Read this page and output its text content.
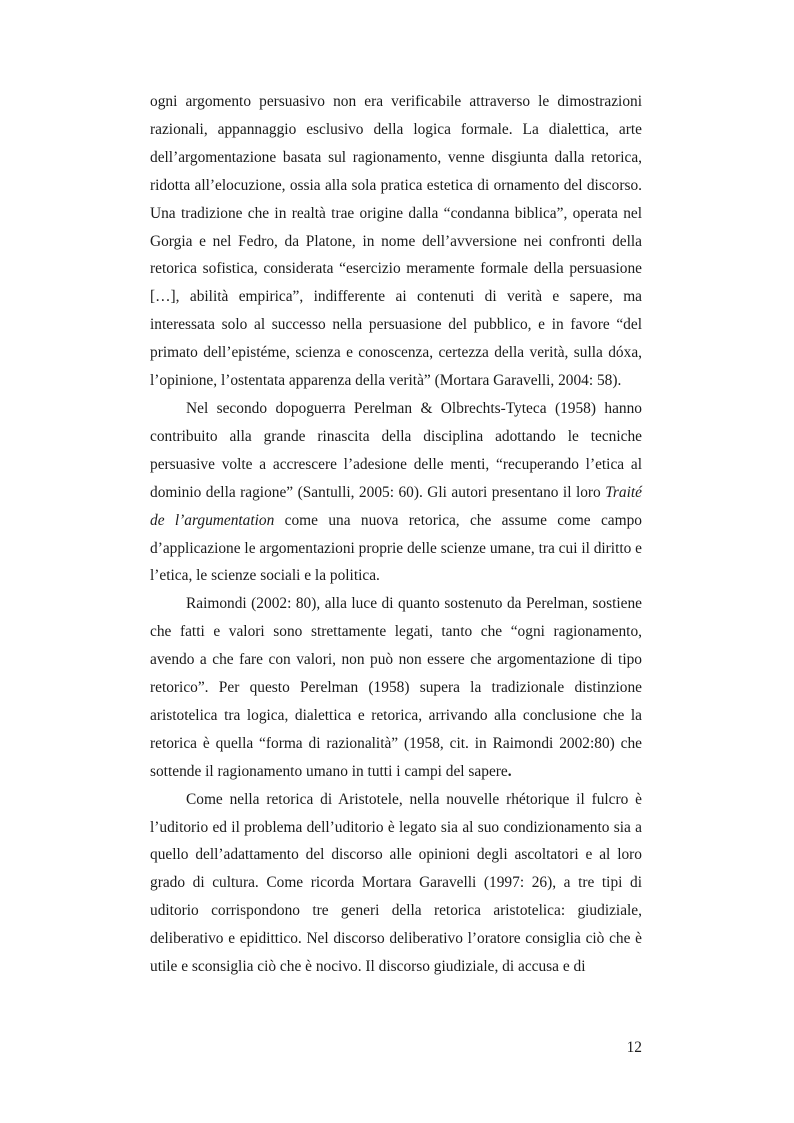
ogni argomento persuasivo non era verificabile attraverso le dimostrazioni razionali, appannaggio esclusivo della logica formale. La dialettica, arte dell’argomentazione basata sul ragionamento, venne disgiunta dalla retorica, ridotta all’elocuzione, ossia alla sola pratica estetica di ornamento del discorso. Una tradizione che in realtà trae origine dalla “condanna biblica”, operata nel Gorgia e nel Fedro, da Platone, in nome dell’avversione nei confronti della retorica sofistica, considerata “esercizio meramente formale della persuasione […], abilità empirica”, indifferente ai contenuti di verità e sapere, ma interessata solo al successo nella persuasione del pubblico, e in favore “del primato dell’epistéme, scienza e conoscenza, certezza della verità, sulla dóxa, l’opinione, l’ostentata apparenza della verità” (Mortara Garavelli, 2004: 58).

Nel secondo dopoguerra Perelman & Olbrechts-Tyteca (1958) hanno contribuito alla grande rinascita della disciplina adottando le tecniche persuasive volte a accrescere l’adesione delle menti, “recuperando l’etica al dominio della ragione” (Santulli, 2005: 60). Gli autori presentano il loro Traité de l’argumentation come una nuova retorica, che assume come campo d’applicazione le argomentazioni proprie delle scienze umane, tra cui il diritto e l’etica, le scienze sociali e la politica.

Raimondi (2002: 80), alla luce di quanto sostenuto da Perelman, sostiene che fatti e valori sono strettamente legati, tanto che “ogni ragionamento, avendo a che fare con valori, non può non essere che argomentazione di tipo retorico”. Per questo Perelman (1958) supera la tradizionale distinzione aristotelica tra logica, dialettica e retorica, arrivando alla conclusione che la retorica è quella “forma di razionalità” (1958, cit. in Raimondi 2002:80) che sottende il ragionamento umano in tutti i campi del sapere.

Come nella retorica di Aristotele, nella nouvelle rhétorique il fulcro è l’uditorio ed il problema dell’uditorio è legato sia al suo condizionamento sia a quello dell’adattamento del discorso alle opinioni degli ascoltatori e al loro grado di cultura. Come ricorda Mortara Garavelli (1997: 26), a tre tipi di uditorio corrispondono tre generi della retorica aristotelica: giudiziale, deliberativo e epidittico. Nel discorso deliberativo l’oratore consiglia ciò che è utile e sconsiglia ciò che è nocivo. Il discorso giudiziale, di accusa e di

12
